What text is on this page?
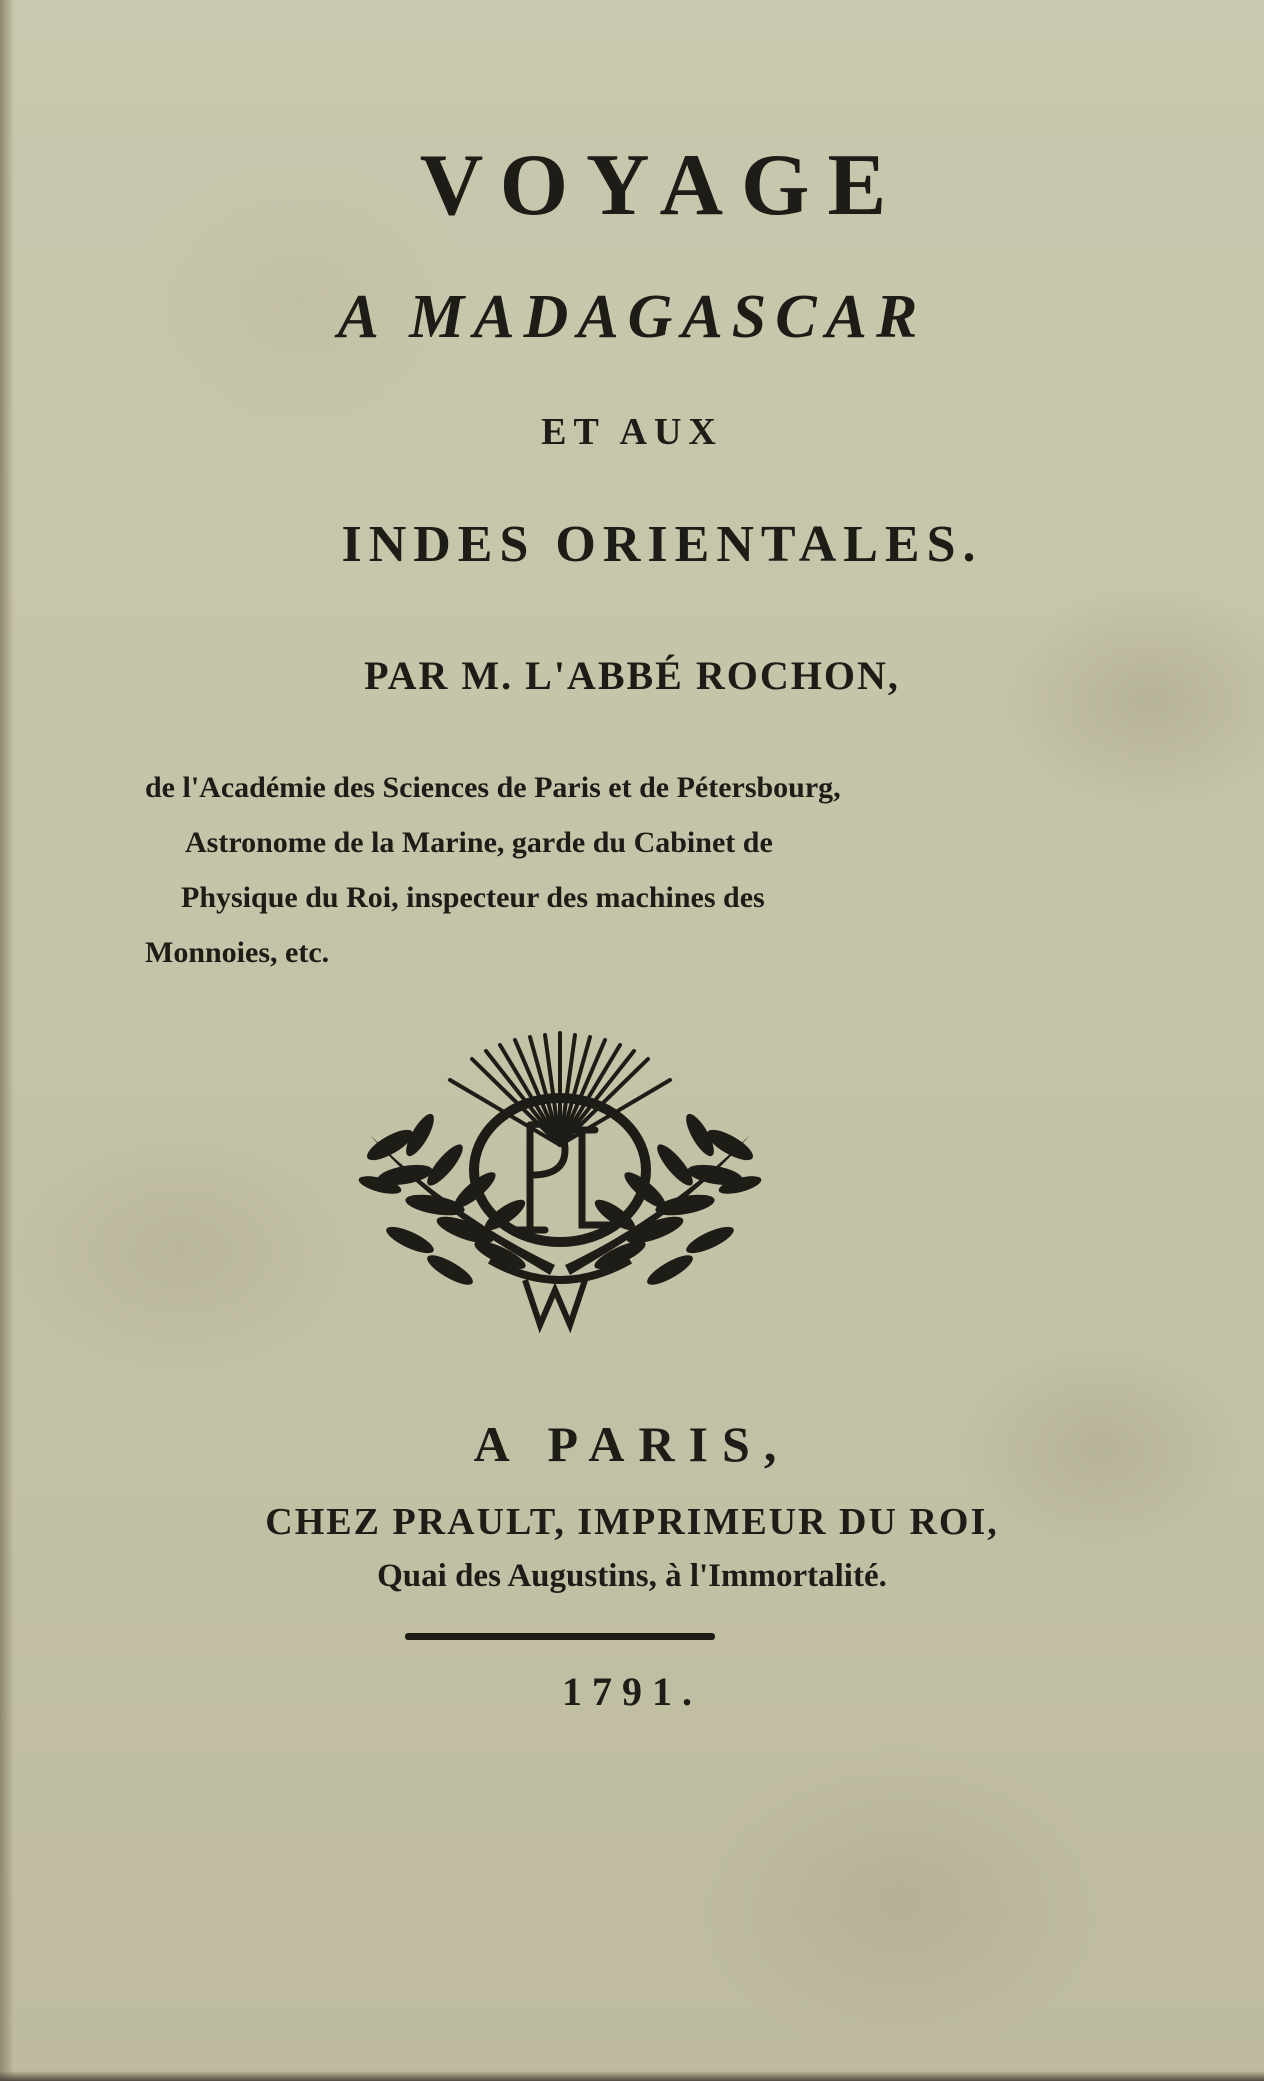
VOYAGE
A MADAGASCAR
ET AUX
INDES ORIENTALES.
PAR M. L'ABBÉ ROCHON,
de l'Académie des Sciences de Paris et de Pétersbourg,
Astronome de la Marine, garde du Cabinet de
Physique du Roi, inspecteur des machines des
Monnoies, etc.
A PARIS,
CHEZ PRAULT, IMPRIMEUR DU ROI,
Quai des Augustins, à l'Immortalité.
1791.
